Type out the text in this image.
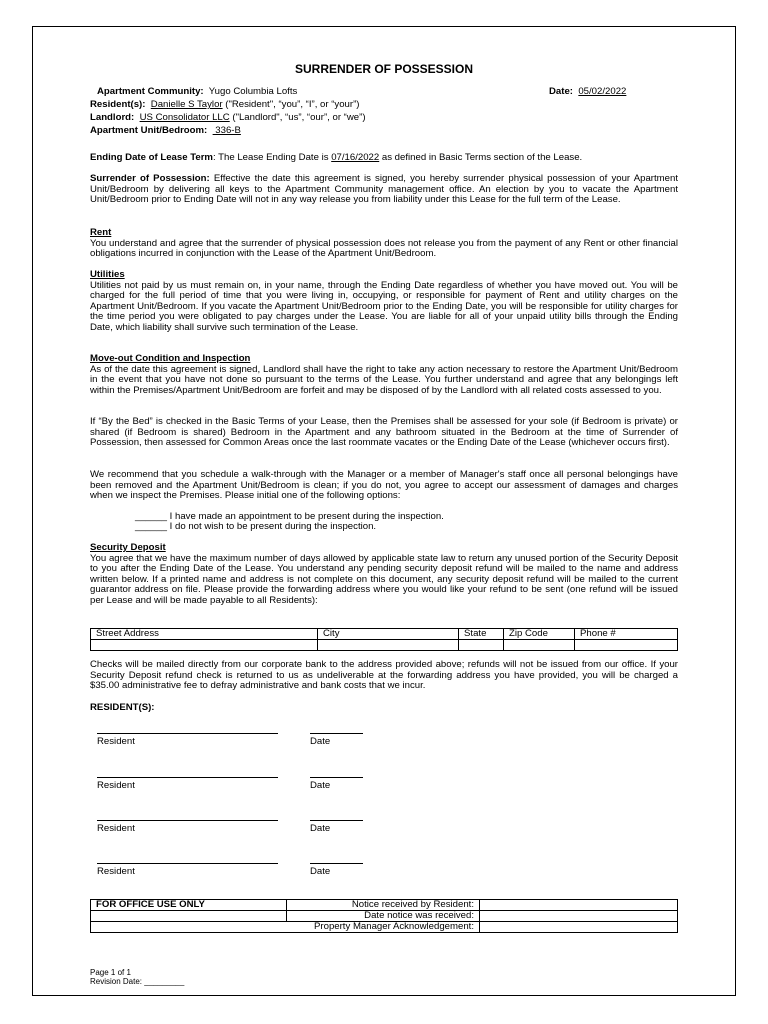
SURRENDER OF POSSESSION
Apartment Community: Yugo Columbia Lofts	Date: 05/02/2022
Resident(s): Danielle S Taylor ("Resident", “you”, “I”, or “your”)
Landlord: US Consolidator LLC ("Landlord", “us”, “our”, or “we”)
Apartment Unit/Bedroom:   336-B
Ending Date of Lease Term: The Lease Ending Date is 07/16/2022 as defined in Basic Terms section of the Lease.
Surrender of Possession: Effective the date this agreement is signed, you hereby surrender physical possession of your Apartment Unit/Bedroom by delivering all keys to the Apartment Community management office. An election by you to vacate the Apartment Unit/Bedroom prior to Ending Date will not in any way release you from liability under this Lease for the full term of the Lease.
Rent
You understand and agree that the surrender of physical possession does not release you from the payment of any Rent or other financial obligations incurred in conjunction with the Lease of the Apartment Unit/Bedroom.
Utilities
Utilities not paid by us must remain on, in your name, through the Ending Date regardless of whether you have moved out. You will be charged for the full period of time that you were living in, occupying, or responsible for payment of Rent and utility charges on the Apartment Unit/Bedroom. If you vacate the Apartment Unit/Bedroom prior to the Ending Date, you will be responsible for utility charges for the time period you were obligated to pay charges under the Lease. You are liable for all of your unpaid utility bills through the Ending Date, which liability shall survive such termination of the Lease.
Move-out Condition and Inspection
As of the date this agreement is signed, Landlord shall have the right to take any action necessary to restore the Apartment Unit/Bedroom in the event that you have not done so pursuant to the terms of the Lease. You further understand and agree that any belongings left within the Premises/Apartment Unit/Bedroom are forfeit and may be disposed of by the Landlord with all related costs assessed to you.
If “By the Bed” is checked in the Basic Terms of your Lease, then the Premises shall be assessed for your sole (if Bedroom is private) or shared (if Bedroom is shared) Bedroom in the Apartment and any bathroom situated in the Bedroom at the time of Surrender of Possession, then assessed for Common Areas once the last roommate vacates or the Ending Date of the Lease (whichever occurs first).
We recommend that you schedule a walk-through with the Manager or a member of Manager's staff once all personal belongings have been removed and the Apartment Unit/Bedroom is clean; if you do not, you agree to accept our assessment of damages and charges when we inspect the Premises. Please initial one of the following options:
______ I have made an appointment to be present during the inspection.
______ I do not wish to be present during the inspection.
Security Deposit
You agree that we have the maximum number of days allowed by applicable state law to return any unused portion of the Security Deposit to you after the Ending Date of the Lease. You understand any pending security deposit refund will be mailed to the name and address written below. If a printed name and address is not complete on this document, any security deposit refund will be mailed to the current guarantor address on file. Please provide the forwarding address where you would like your refund to be sent (one refund will be issued per Lease and will be made payable to all Residents):
Street Address	City	State	Zip Code	Phone #

Checks will be mailed directly from our corporate bank to the address provided above; refunds will not be issued from our office. If your Security Deposit refund check is returned to us as undeliverable at the forwarding address you have provided, you will be charged a $35.00 administrative fee to defray administrative and bank costs that we incur.
RESIDENT(S):
Resident	Date
Resident	Date
Resident	Date
Resident	Date
FOR OFFICE USE ONLY	Notice received by Resident:	
	Date notice was received:	
Property Manager Acknowledgement:		
Page 1 of 1
Revision Date: _________
